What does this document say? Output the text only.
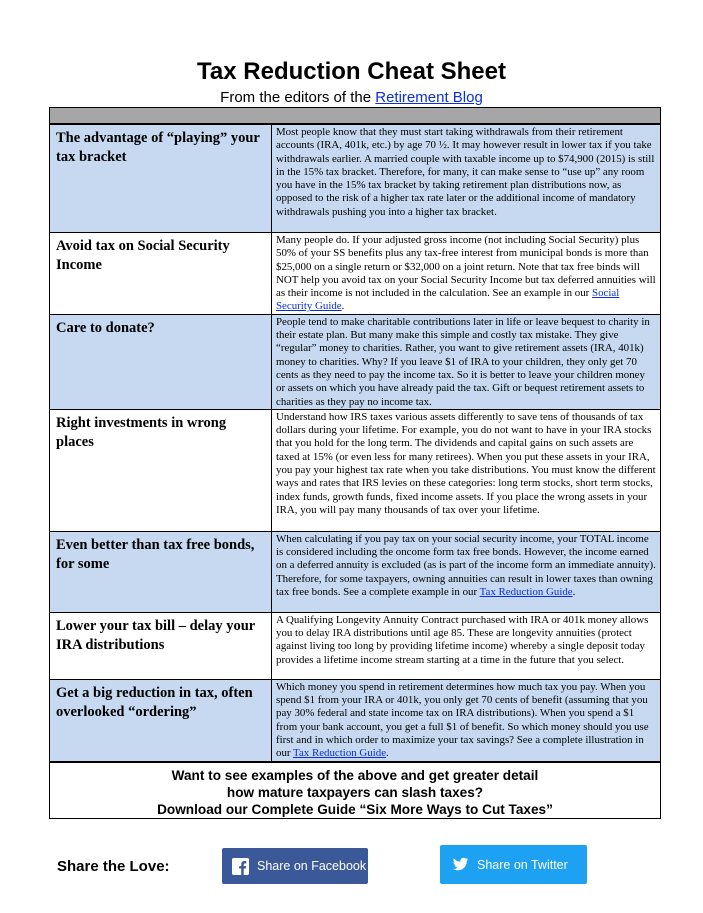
Tax Reduction Cheat Sheet
From the editors of the Retirement Blog
The advantage of “playing” your tax bracket	Most people know that they must start taking withdrawals from their retirement accounts (IRA, 401k, etc.) by age 70 ½. It may however result in lower tax if you take withdrawals earlier. A married couple with taxable income up to $74,900 (2015) is still in the 15% tax bracket. Therefore, for many, it can make sense to “use up” any room you have in the 15% tax bracket by taking retirement plan distributions now, as opposed to the risk of a higher tax rate later or the additional income of mandatory withdrawals pushing you into a higher tax bracket.
Avoid tax on Social Security Income	Many people do. If your adjusted gross income (not including Social Security) plus 50% of your SS benefits plus any tax-free interest from municipal bonds is more than $25,000 on a single return or $32,000 on a joint return. Note that tax free binds will NOT help you avoid tax on your Social Security Income but tax deferred annuities will as their income is not included in the calculation. See an example in our Social Security Guide.
Care to donate?	People tend to make charitable contributions later in life or leave bequest to charity in their estate plan. But many make this simple and costly tax mistake. They give “regular” money to charities. Rather, you want to give retirement assets (IRA, 401k) money to charities. Why? If you leave $1 of IRA to your children, they only get 70 cents as they need to pay the income tax. So it is better to leave your children money or assets on which you have already paid the tax. Gift or bequest retirement assets to charities as they pay no income tax.
Right investments in wrong places	Understand how IRS taxes various assets differently to save tens of thousands of tax dollars during your lifetime. For example, you do not want to have in your IRA stocks that you hold for the long term. The dividends and capital gains on such assets are taxed at 15% (or even less for many retirees). When you put these assets in your IRA, you pay your highest tax rate when you take distributions. You must know the different ways and rates that IRS levies on these categories: long term stocks, short term stocks, index funds, growth funds, fixed income assets. If you place the wrong assets in your IRA, you will pay many thousands of tax over your lifetime.
Even better than tax free bonds, for some	When calculating if you pay tax on your social security income, your TOTAL income is considered including the oncome form tax free bonds. However, the income earned on a deferred annuity is excluded (as is part of the income form an immediate annuity). Therefore, for some taxpayers, owning annuities can result in lower taxes than owning tax free bonds. See a complete example in our Tax Reduction Guide.
Lower your tax bill – delay your IRA distributions	A Qualifying Longevity Annuity Contract purchased with IRA or 401k money allows you to delay IRA distributions until age 85. These are longevity annuities (protect against living too long by providing lifetime income) whereby a single deposit today provides a lifetime income stream starting at a time in the future that you select.
Get a big reduction in tax, often overlooked “ordering”	Which money you spend in retirement determines how much tax you pay. When you spend $1 from your IRA or 401k, you only get 70 cents of benefit (assuming that you pay 30% federal and state income tax on IRA distributions). When you spend a $1 from your bank account, you get a full $1 of benefit. So which money should you use first and in which order to maximize your tax savings? See a complete illustration in our Tax Reduction Guide.
Want to see examples of the above and get greater detail
how mature taxpayers can slash taxes?
Download our Complete Guide “Six More Ways to Cut Taxes”
Share the Love:	Share on Facebook	Share on Twitter
